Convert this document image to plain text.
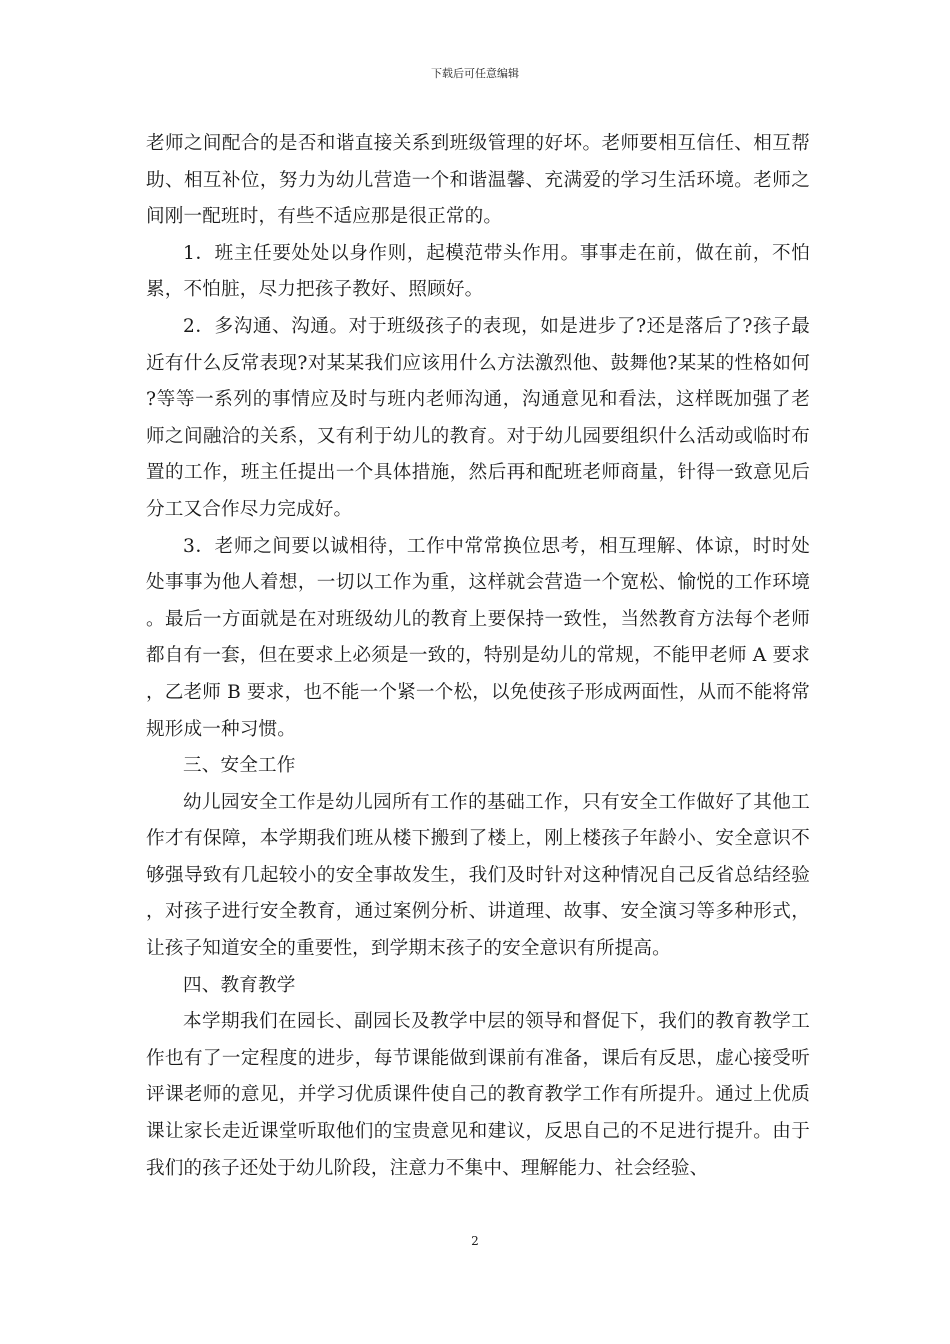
下载后可任意编辑

老师之间配合的是否和谐直接关系到班级管理的好坏。老师要相互信任、相互帮助、相互补位，努力为幼儿营造一个和谐温馨、充满爱的学习生活环境。老师之间刚一配班时，有些不适应那是很正常的。

1．班主任要处处以身作则，起模范带头作用。事事走在前，做在前，不怕累，不怕脏，尽力把孩子教好、照顾好。

2．多沟通、沟通。对于班级孩子的表现，如是进步了?还是落后了?孩子最近有什么反常表现?对某某我们应该用什么方法激烈他、鼓舞他?某某的性格如何?等等一系列的事情应及时与班内老师沟通，沟通意见和看法，这样既加强了老师之间融洽的关系，又有利于幼儿的教育。对于幼儿园要组织什么活动或临时布置的工作，班主任提出一个具体措施，然后再和配班老师商量，针得一致意见后分工又合作尽力完成好。

3．老师之间要以诚相待，工作中常常换位思考，相互理解、体谅，时时处处事事为他人着想，一切以工作为重，这样就会营造一个宽松、愉悦的工作环境。最后一方面就是在对班级幼儿的教育上要保持一致性，当然教育方法每个老师都自有一套，但在要求上必须是一致的，特别是幼儿的常规，不能甲老师 A 要求，乙老师 B 要求，也不能一个紧一个松，以免使孩子形成两面性，从而不能将常规形成一种习惯。

三、安全工作

幼儿园安全工作是幼儿园所有工作的基础工作，只有安全工作做好了其他工作才有保障，本学期我们班从楼下搬到了楼上，刚上楼孩子年龄小、安全意识不够强导致有几起较小的安全事故发生，我们及时针对这种情况自己反省总结经验，对孩子进行安全教育，通过案例分析、讲道理、故事、安全演习等多种形式，让孩子知道安全的重要性，到学期末孩子的安全意识有所提高。

四、教育教学

本学期我们在园长、副园长及教学中层的领导和督促下，我们的教育教学工作也有了一定程度的进步，每节课能做到课前有准备，课后有反思，虚心接受听评课老师的意见，并学习优质课件使自己的教育教学工作有所提升。通过上优质课让家长走近课堂听取他们的宝贵意见和建议，反思自己的不足进行提升。由于我们的孩子还处于幼儿阶段，注意力不集中、理解能力、社会经验、

2
